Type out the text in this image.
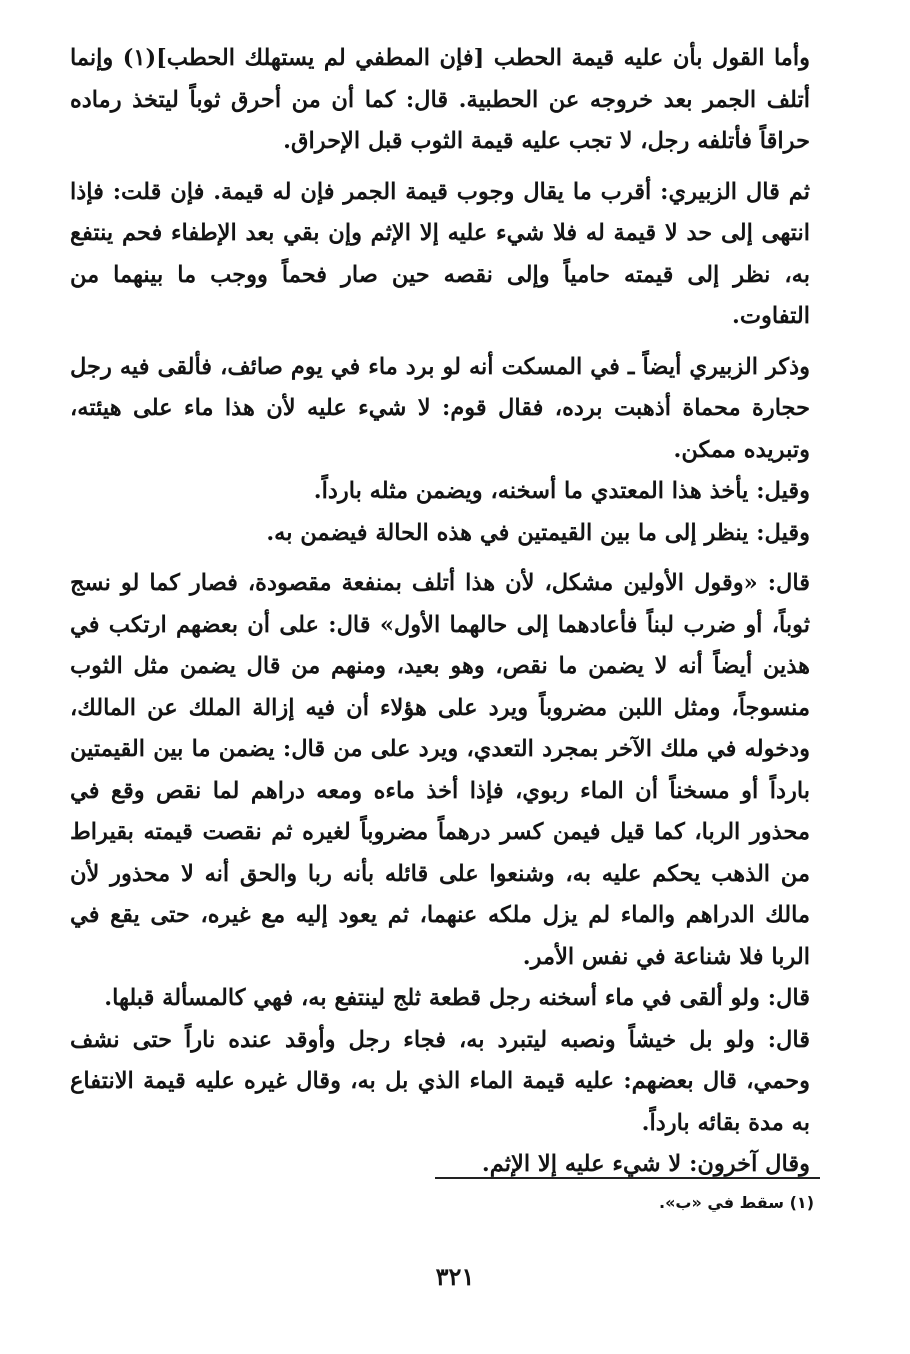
وأما القول بأن عليه قيمة الحطب [فإن المطفي لم يستهلك الحطب](١) وإنما أتلف الجمر بعد خروجه عن الحطبية. قال: كما أن من أحرق ثوباً ليتخذ رماده حراقاً فأتلفه رجل، لا تجب عليه قيمة الثوب قبل الإحراق.

ثم قال الزبيري: أقرب ما يقال وجوب قيمة الجمر فإن له قيمة. فإن قلت: فإذا انتهى إلى حد لا قيمة له فلا شيء عليه إلا الإثم وإن بقي بعد الإطفاء فحم ينتفع به، نظر إلى قيمته حامياً وإلى نقصه حين صار فحماً ووجب ما بينهما من التفاوت.

وذكر الزبيري أيضاً ـ في المسكت أنه لو برد ماء في يوم صائف، فألقى فيه رجل حجارة محماة أذهبت برده، فقال قوم: لا شيء عليه لأن هذا ماء على هيئته، وتبريده ممكن.

وقيل: يأخذ هذا المعتدي ما أسخنه، ويضمن مثله بارداً.

وقيل: ينظر إلى ما بين القيمتين في هذه الحالة فيضمن به.

قال: «وقول الأولين مشكل، لأن هذا أتلف بمنفعة مقصودة، فصار كما لو نسج ثوباً، أو ضرب لبناً فأعادهما إلى حالهما الأول» قال: على أن بعضهم ارتكب في هذين أيضاً أنه لا يضمن ما نقص، وهو بعيد، ومنهم من قال يضمن مثل الثوب منسوجاً، ومثل اللبن مضروباً ويرد على هؤلاء أن فيه إزالة الملك عن المالك، ودخوله في ملك الآخر بمجرد التعدي، ويرد على من قال: يضمن ما بين القيمتين بارداً أو مسخناً أن الماء ربوي، فإذا أخذ ماءه ومعه دراهم لما نقص وقع في محذور الربا، كما قيل فيمن كسر درهماً مضروباً لغيره ثم نقصت قيمته بقيراط من الذهب يحكم عليه به، وشنعوا على قائله بأنه ربا والحق أنه لا محذور لأن مالك الدراهم والماء لم يزل ملكه عنهما، ثم يعود إليه مع غيره، حتى يقع في الربا فلا شناعة في نفس الأمر.

قال: ولو ألقى في ماء أسخنه رجل قطعة ثلج لينتفع به، فهي كالمسألة قبلها.

قال: ولو بل خيشاً ونصبه ليتبرد به، فجاء رجل وأوقد عنده ناراً حتى نشف وحمي، قال بعضهم: عليه قيمة الماء الذي بل به، وقال غيره عليه قيمة الانتفاع به مدة بقائه بارداً.

وقال آخرون: لا شيء عليه إلا الإثم.

(١) سقط في «ب».
٣٢١
